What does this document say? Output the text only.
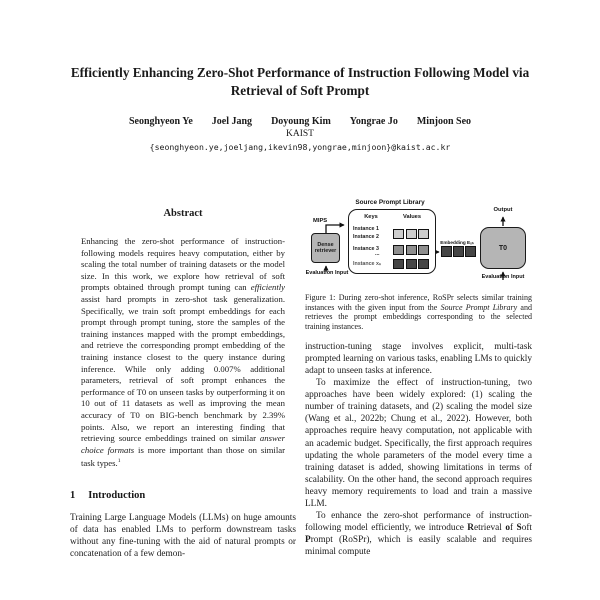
Efficiently Enhancing Zero-Shot Performance of Instruction Following Model via Retrieval of Soft Prompt
Seonghyeon Ye Joel Jang Doyoung Kim Yongrae Jo Minjoon Seo
KAIST
{seonghyeon.ye,joeljang,ikevin98,yongrae,minjoon}@kaist.ac.kr
Abstract

Enhancing the zero-shot performance of instruction-following models requires heavy computation, either by scaling the total number of training datasets or the model size. In this work, we explore how retrieval of soft prompts obtained through prompt tuning can efficiently assist hard prompts in zero-shot task generalization. Specifically, we train soft prompt embeddings for each prompt through prompt tuning, store the samples of the training instances mapped with the prompt embeddings, and retrieve the corresponding prompt embedding of the training instance closest to the query instance during inference. While only adding 0.007% additional parameters, retrieval of soft prompt enhances the performance of T0 on unseen tasks by outperforming it on 10 out of 11 datasets as well as improving the mean accuracy of T0 on BIG-bench benchmark by 2.39% points. Also, we report an interesting finding that retrieving source embeddings trained on similar answer choice formats is more important than those on similar task types.$^1$

1 Introduction

Training Large Language Models (LLMs) on huge amounts of data has enabled LMs to perform downstream tasks without any fine-tuning with the aid of natural prompts or concatenation of a few demon-

Source Prompt Library
Keys	Values
Instance 1
Instance 2
Instance 3
...
Instance xₙ
MIPS
Dense retriever
Evaluation Input
Embedding Eₓₙ
T0
Output
Evaluation Input
Figure 1: During zero-shot inference, RoSPr selects similar training instances with the given input from the Source Prompt Library and retrieves the prompt embeddings corresponding to the selected training instances.

instruction-tuning stage involves explicit, multi-task prompted learning on various tasks, enabling LMs to quickly adapt to unseen tasks at inference.

To maximize the effect of instruction-tuning, two approaches have been widely explored: (1) scaling the number of training datasets, and (2) scaling the model size (Wang et al., 2022b; Chung et al., 2022). However, both approaches require heavy computation, not applicable with an academic budget. Specifically, the first approach requires updating the whole parameters of the model every time a training dataset is added, showing limitations in terms of scalability. On the other hand, the second approach requires heavy memory requirements to load and train a massive LLM.

To enhance the zero-shot performance of instruction-following model efficiently, we introduce Retrieval of Soft Prompt (RoSPr), which is easily scalable and requires minimal compute
